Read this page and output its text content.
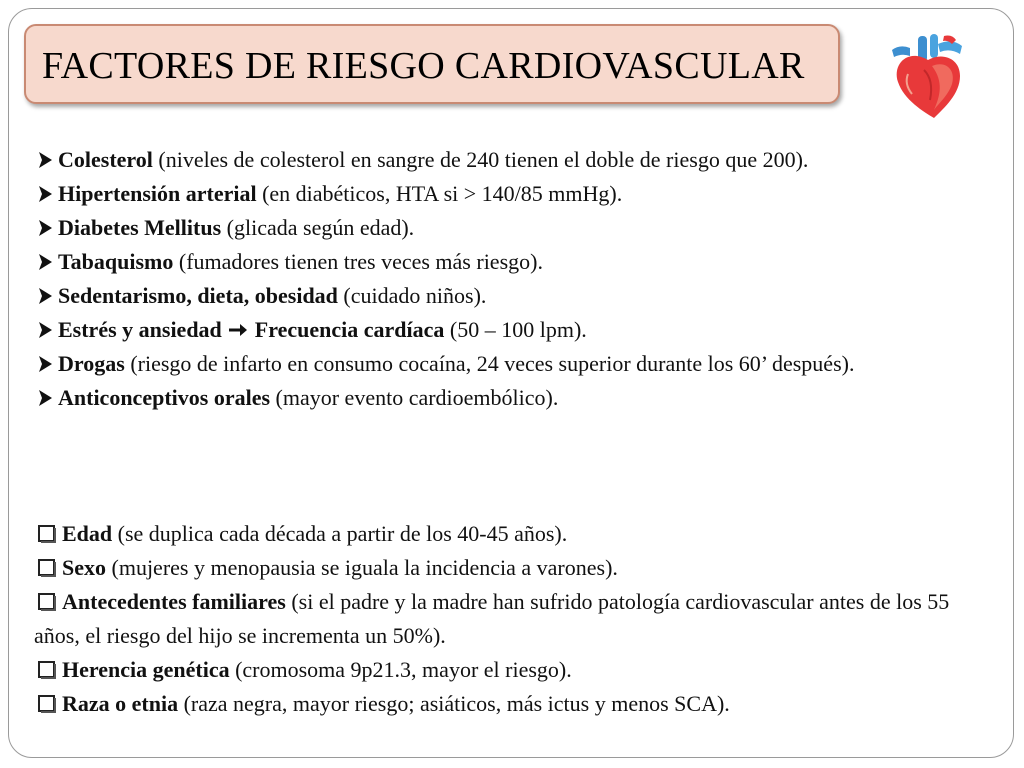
FACTORES DE RIESGO CARDIOVASCULAR
Colesterol (niveles de colesterol en sangre de 240 tienen el doble de riesgo que 200).
Hipertensión arterial (en diabéticos, HTA si > 140/85 mmHg).
Diabetes Mellitus (glicada según edad).
Tabaquismo (fumadores tienen tres veces más riesgo).
Sedentarismo, dieta, obesidad (cuidado niños).
Estrés y ansiedad Frecuencia cardíaca (50 – 100 lpm).
Drogas (riesgo de infarto en consumo cocaína, 24 veces superior durante los 60’ después).
Anticonceptivos orales (mayor evento cardioembólico).
Edad (se duplica cada década a partir de los 40-45 años).
Sexo (mujeres y menopausia se iguala la incidencia a varones).
Antecedentes familiares (si el padre y la madre han sufrido patología cardiovascular antes de los 55 años, el riesgo del hijo se incrementa un 50%).
Herencia genética (cromosoma 9p21.3, mayor el riesgo).
Raza o etnia (raza negra, mayor riesgo; asiáticos, más ictus y menos SCA).
